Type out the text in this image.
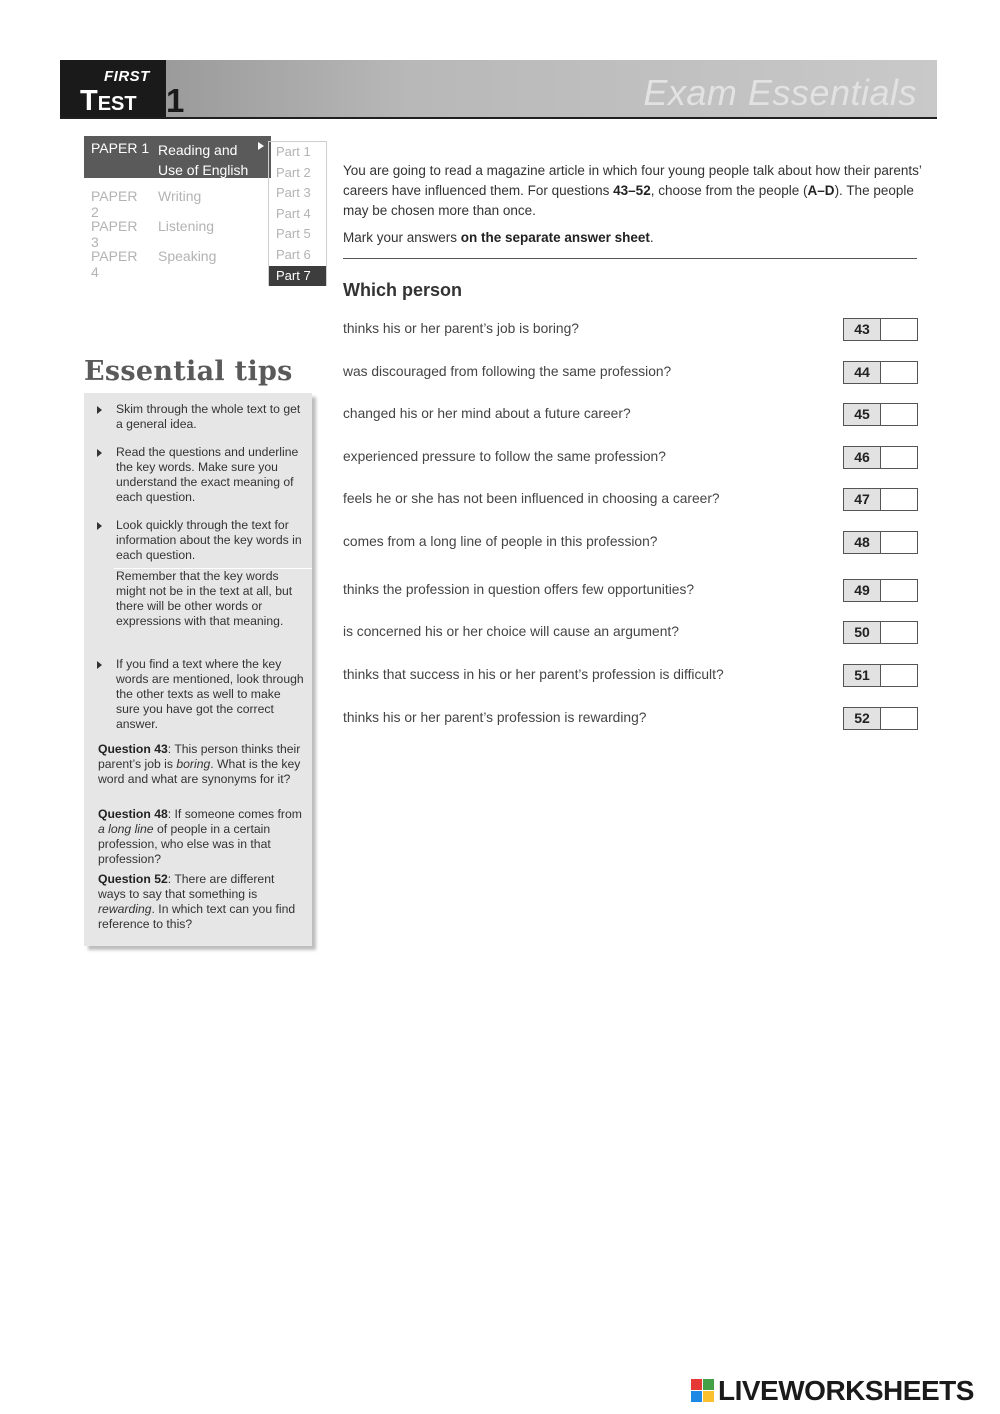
FIRST
Test 1	Exam Essentials
PAPER 1 Reading and
Use of English
PAPER 2
Writing
PAPER 3
Listening
PAPER 4
Speaking
Part 1
Part 2
Part 3
Part 4
Part 5
Part 6
Part 7
Essential tips
Skim through the whole text to get a general idea.
Read the questions and underline the key words. Make sure you understand the exact meaning of each question.
Look quickly through the text for information about the key words in each question.
Remember that the key words might not be in the text at all, but there will be other words or expressions with that meaning.
If you find a text where the key words are mentioned, look through the other texts as well to make sure you have got the correct answer.
Question 43: This person thinks their parent’s job is boring. What is the key word and what are synonyms for it?
Question 48: If someone comes from a long line of people in a certain profession, who else was in that profession?
Question 52: There are different ways to say that something is rewarding. In which text can you find reference to this?
You are going to read a magazine article in which four young people talk about how their parents’ careers have influenced them. For questions 43–52, choose from the people (A–D). The people may be chosen more than once.
Mark your answers on the separate answer sheet.
Which person
thinks his or her parent’s job is boring?	43
was discouraged from following the same profession?	44
changed his or her mind about a future career?	45
experienced pressure to follow the same profession?	46
feels he or she has not been influenced in choosing a career?	47
comes from a long line of people in this profession?	48
thinks the profession in question offers few opportunities?	49
is concerned his or her choice will cause an argument?	50
thinks that success in his or her parent’s profession is difficult?	51
thinks his or her parent’s profession is rewarding?	52
LIVEWORKSHEETS
